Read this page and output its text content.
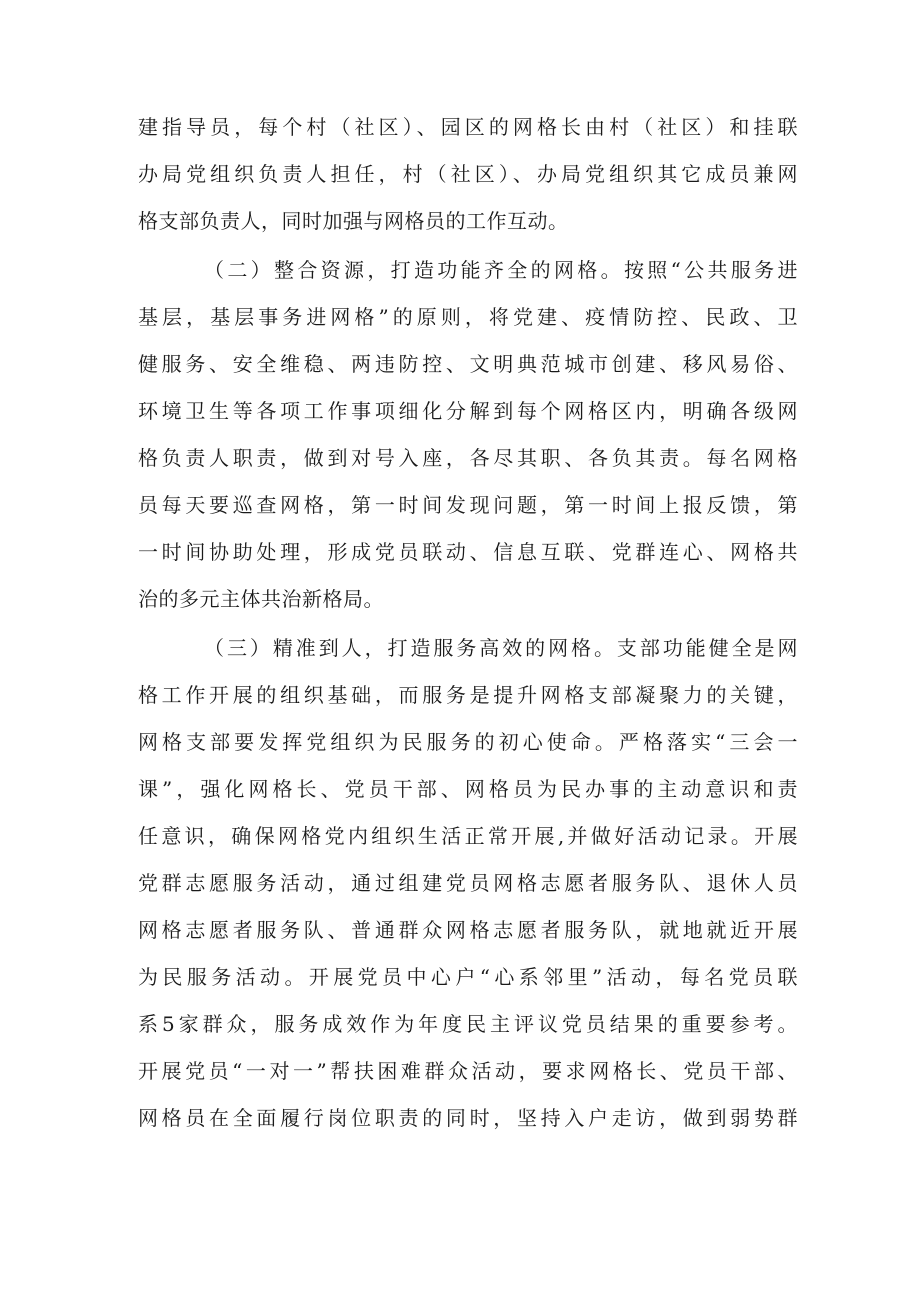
建指导员，每个村（社区）、园区的网格长由村（社区）和挂联
办局党组织负责人担任，村（社区）、办局党组织其它成员兼网
格支部负责人，同时加强与网格员的工作互动。
（二）整合资源，打造功能齐全的网格。按照“公共服务进
基层，基层事务进网格”的原则，将党建、疫情防控、民政、卫
健服务、安全维稳、两违防控、文明典范城市创建、移风易俗、
环境卫生等各项工作事项细化分解到每个网格区内，明确各级网
格负责人职责，做到对号入座，各尽其职、各负其责。每名网格
员每天要巡查网格，第一时间发现问题，第一时间上报反馈，第
一时间协助处理，形成党员联动、信息互联、党群连心、网格共
治的多元主体共治新格局。
（三）精准到人，打造服务高效的网格。支部功能健全是网
格工作开展的组织基础，而服务是提升网格支部凝聚力的关键，
网格支部要发挥党组织为民服务的初心使命。严格落实“三会一
课”，强化网格长、党员干部、网格员为民办事的主动意识和责
任意识，确保网格党内组织生活正常开展,并做好活动记录。开展
党群志愿服务活动，通过组建党员网格志愿者服务队、退休人员
网格志愿者服务队、普通群众网格志愿者服务队，就地就近开展
为民服务活动。开展党员中心户“心系邻里”活动，每名党员联
系5家群众，服务成效作为年度民主评议党员结果的重要参考。
开展党员“一对一”帮扶困难群众活动，要求网格长、党员干部、
网格员在全面履行岗位职责的同时，坚持入户走访，做到弱势群
